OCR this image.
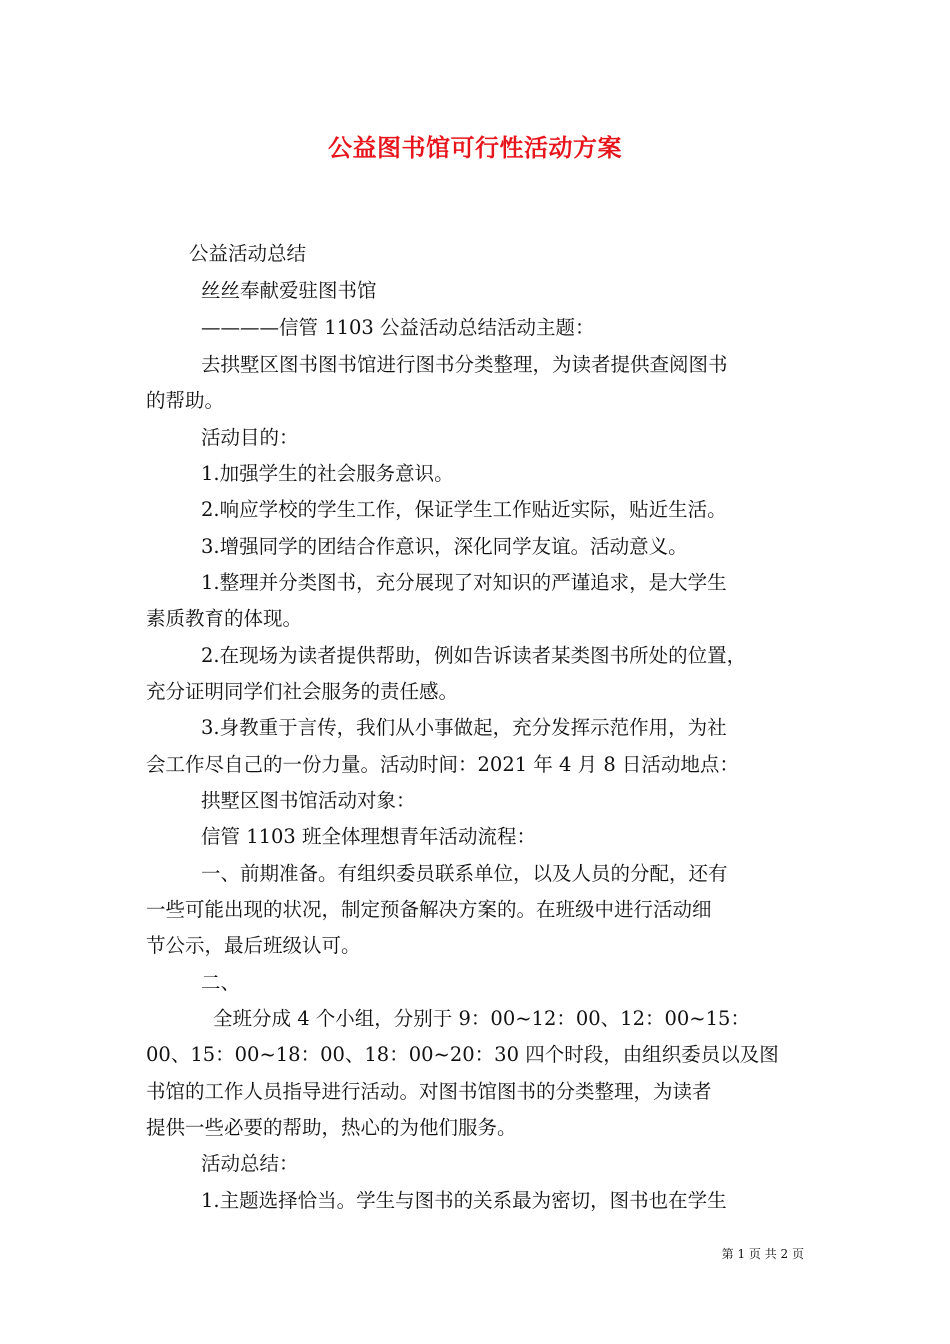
公益图书馆可行性活动方案
公益活动总结
丝丝奉献爱驻图书馆
————信管 1103 公益活动总结活动主题：
去拱墅区图书图书馆进行图书分类整理，为读者提供查阅图书
的帮助。
活动目的：
1.加强学生的社会服务意识。
2.响应学校的学生工作，保证学生工作贴近实际，贴近生活。
3.增强同学的团结合作意识，深化同学友谊。活动意义。
1.整理并分类图书，充分展现了对知识的严谨追求，是大学生
素质教育的体现。
2.在现场为读者提供帮助，例如告诉读者某类图书所处的位置，
充分证明同学们社会服务的责任感。
3.身教重于言传，我们从小事做起，充分发挥示范作用，为社
会工作尽自己的一份力量。活动时间：2021 年 4 月 8 日活动地点：
拱墅区图书馆活动对象：
信管 1103 班全体理想青年活动流程：
一、前期准备。有组织委员联系单位，以及人员的分配，还有
一些可能出现的状况，制定预备解决方案的。在班级中进行活动细
节公示，最后班级认可。
二、
全班分成 4 个小组，分别于 9：00~12：00、12：00~15：
00、15：00~18：00、18：00~20：30 四个时段，由组织委员以及图
书馆的工作人员指导进行活动。对图书馆图书的分类整理，为读者
提供一些必要的帮助，热心的为他们服务。
活动总结：
1.主题选择恰当。学生与图书的关系最为密切，图书也在学生
第 1 页 共 2 页
